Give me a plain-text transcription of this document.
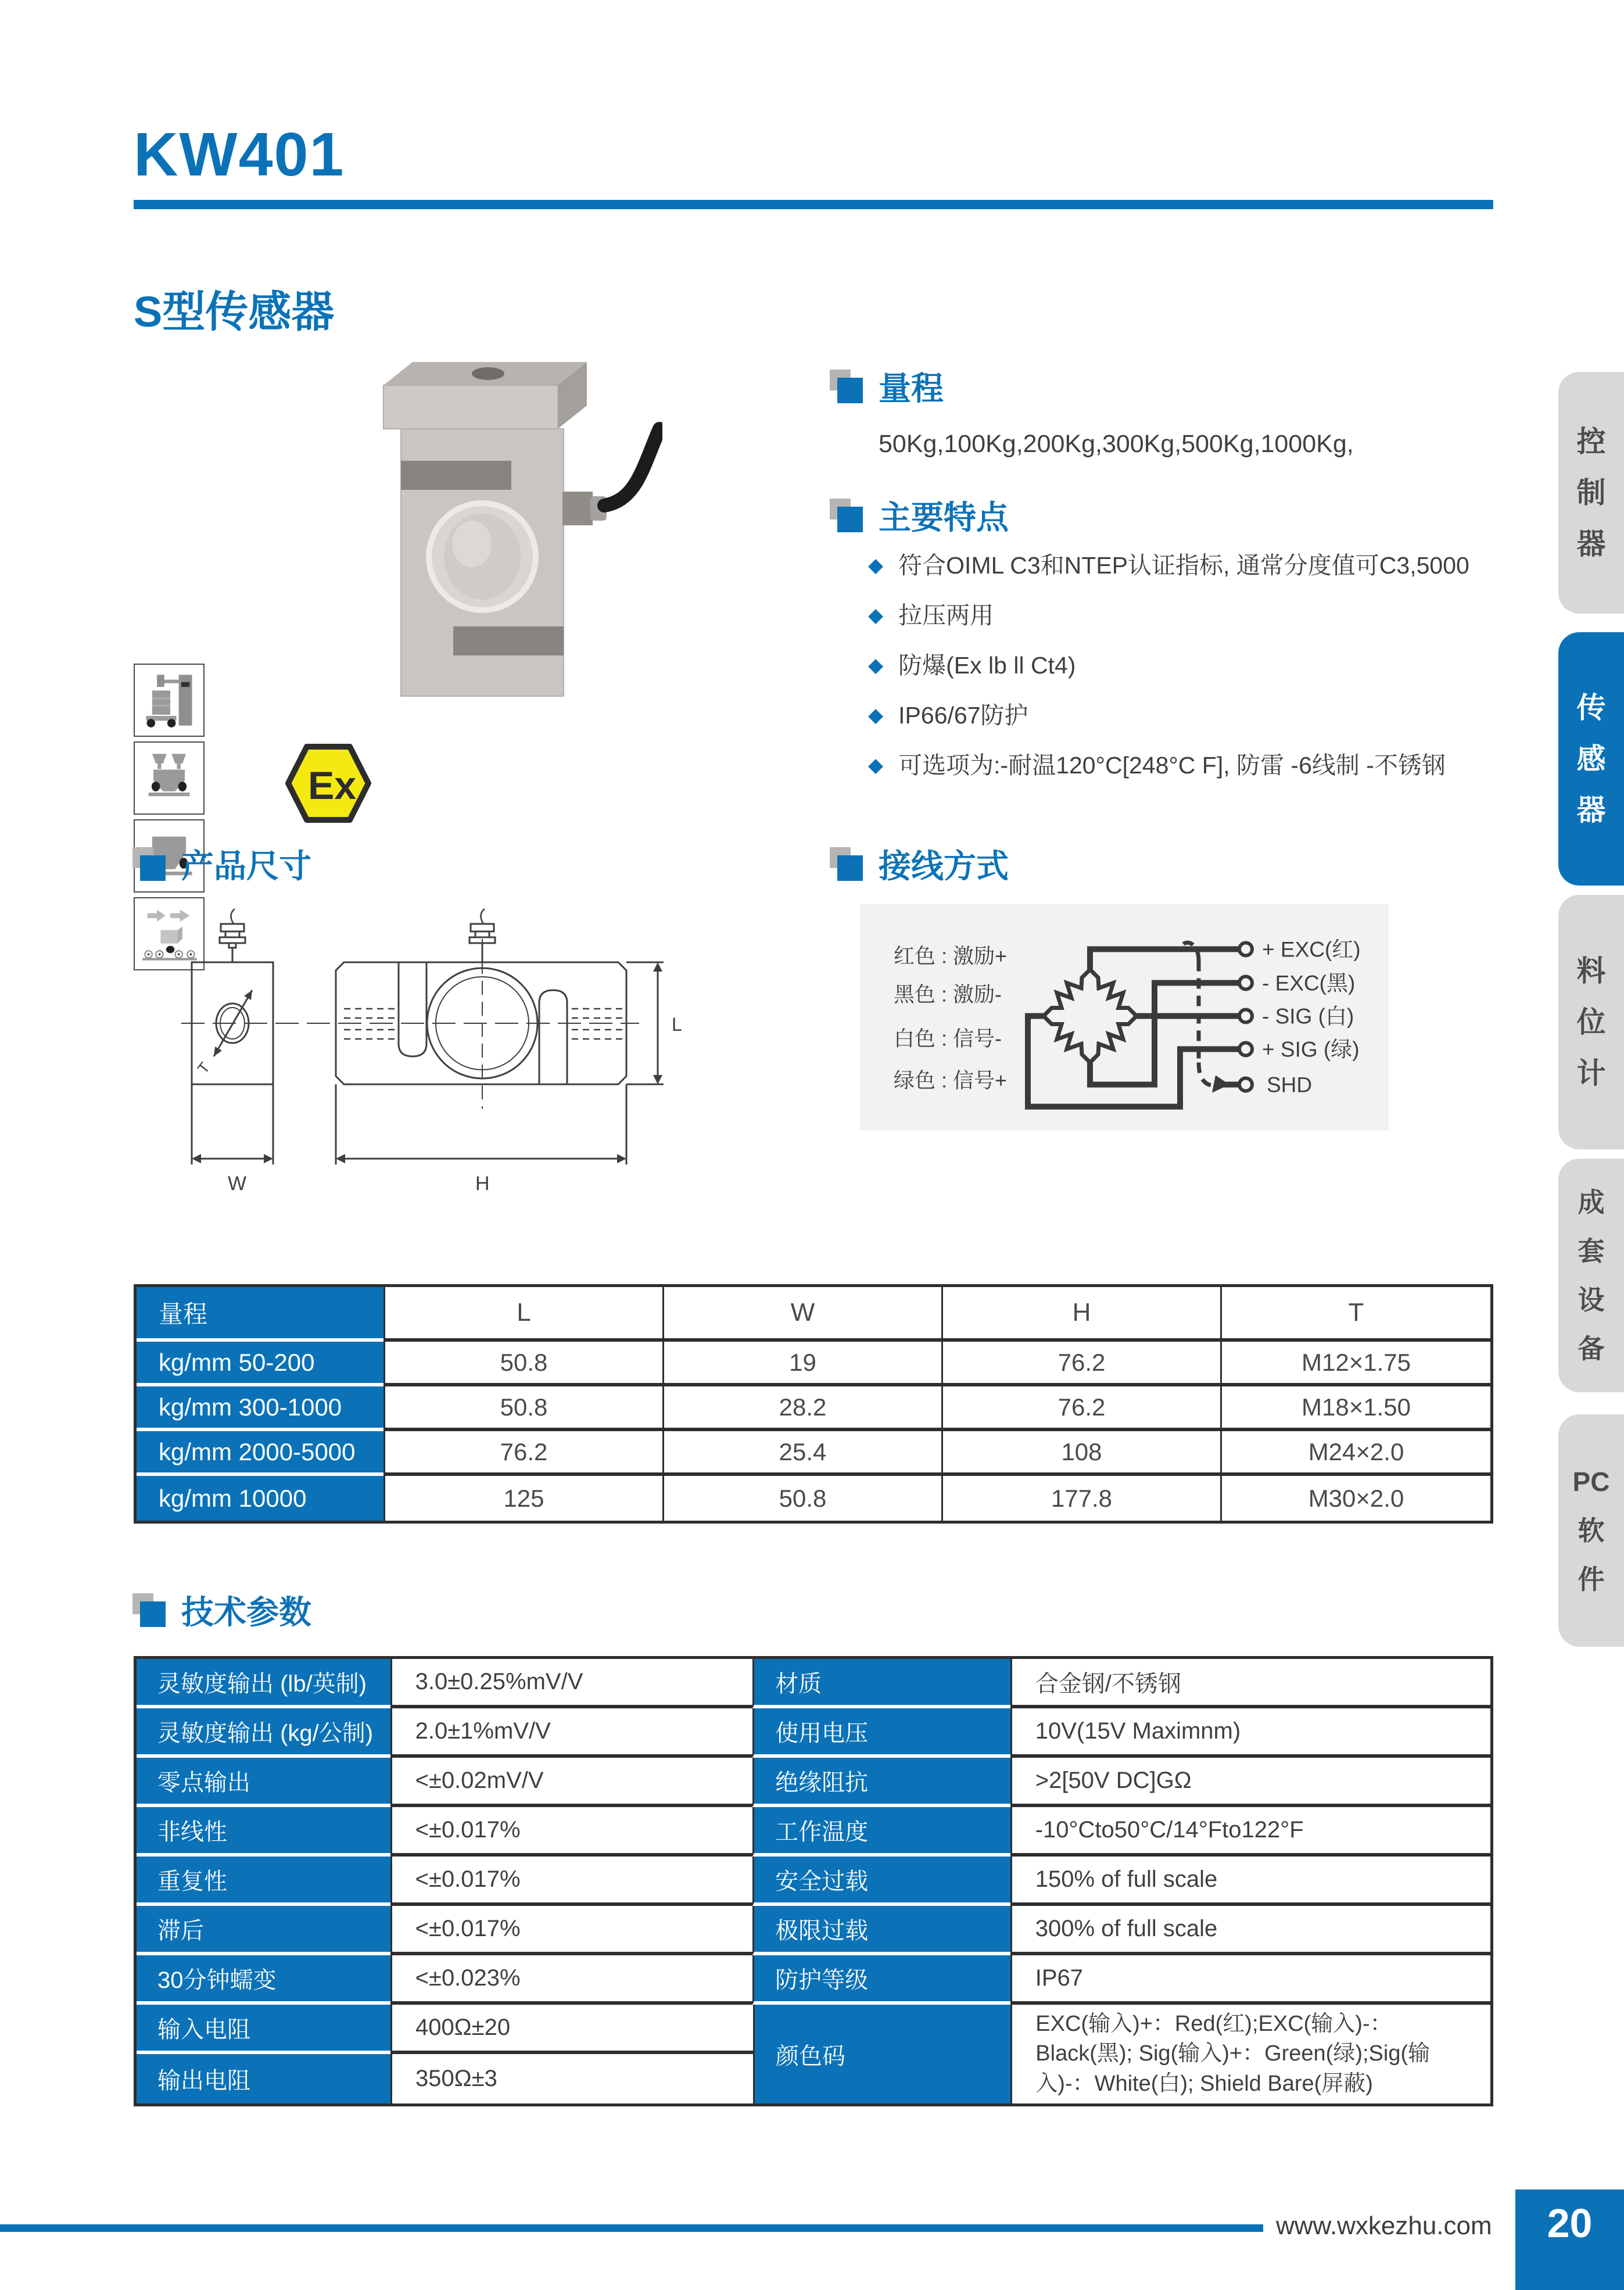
KW401
S型传感器
Ex
量程
50Kg,100Kg,200Kg,300Kg,500Kg,1000Kg,
主要特点
◆ 符合OIML C3和NTEP认证指标, 通常分度值可C3,5000
◆ 拉压两用
◆ 防爆(Ex lb ll Ct4)
◆ IP66/67防护
◆ 可选项为:-耐温120°C[248°C F], 防雷 -6线制 -不锈钢
接线方式
红色 : 激励+
黑色 : 激励-
白色 : 信号-
绿色 : 信号+
+ EXC(红)
- EXC(黑)
- SIG (白)
+ SIG (绿)
SHD
产品尺寸
W	H
L
T
量程	L	W	H	T
kg/mm 50-200	50.8	19	76.2	M12×1.75
kg/mm 300-1000	50.8	28.2	76.2	M18×1.50
kg/mm 2000-5000	76.2	25.4	108	M24×2.0
kg/mm 10000	125	50.8	177.8	M30×2.0
技术参数
灵敏度输出 (lb/英制)	3.0±0.25%mV/V	材质	合金钢/不锈钢
灵敏度输出 (kg/公制)	2.0±1%mV/V	使用电压	10V(15V Maximnm)
零点输出	<±0.02mV/V	绝缘阻抗	>2[50V DC]GΩ
非线性	<±0.017%	工作温度	-10°Cto50°C/14°Fto122°F
重复性	<±0.017%	安全过载	150% of full scale
滞后	<±0.017%	极限过载	300% of full scale
30分钟蠕变	<±0.023%	防护等级	IP67
输入电阻	400Ω±20
输出电阻	350Ω±3
颜色码
EXC(输入)+：Red(红);EXC(输入)-：Black(黑); Sig(输入)+：Green(绿);Sig(输入)-：White(白); Shield Bare(屏蔽)
控
制
器
传
感
器
料
位
计
成
套
设
备
PC
软
件
www.wxkezhu.com 20
